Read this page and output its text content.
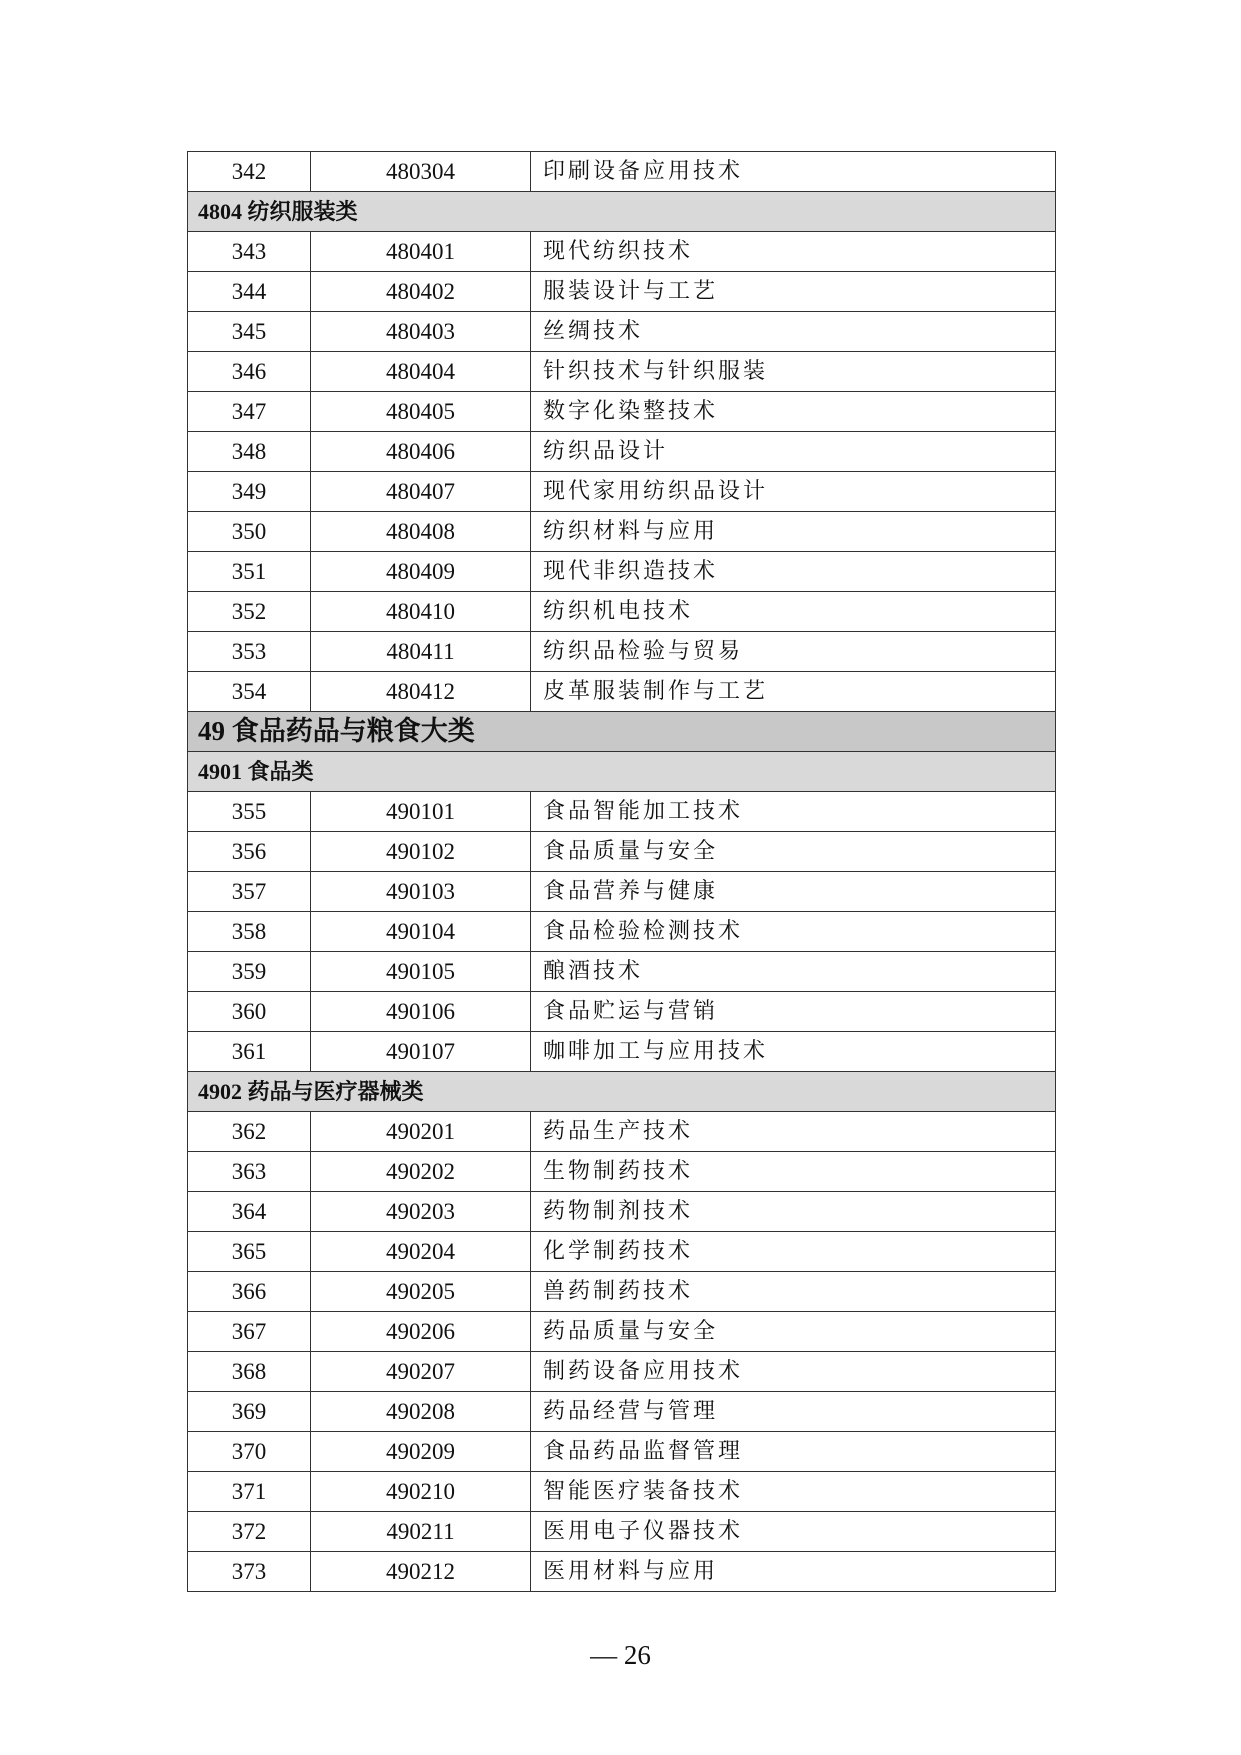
342	480304	印刷设备应用技术
4804 纺织服装类		
343	480401	现代纺织技术
344	480402	服装设计与工艺
345	480403	丝绸技术
346	480404	针织技术与针织服装
347	480405	数字化染整技术
348	480406	纺织品设计
349	480407	现代家用纺织品设计
350	480408	纺织材料与应用
351	480409	现代非织造技术
352	480410	纺织机电技术
353	480411	纺织品检验与贸易
354	480412	皮革服装制作与工艺
49 食品药品与粮食大类		
4901 食品类		
355	490101	食品智能加工技术
356	490102	食品质量与安全
357	490103	食品营养与健康
358	490104	食品检验检测技术
359	490105	酿酒技术
360	490106	食品贮运与营销
361	490107	咖啡加工与应用技术
4902 药品与医疗器械类		
362	490201	药品生产技术
363	490202	生物制药技术
364	490203	药物制剂技术
365	490204	化学制药技术
366	490205	兽药制药技术
367	490206	药品质量与安全
368	490207	制药设备应用技术
369	490208	药品经营与管理
370	490209	食品药品监督管理
371	490210	智能医疗装备技术
372	490211	医用电子仪器技术
373	490212	医用材料与应用
— 26
